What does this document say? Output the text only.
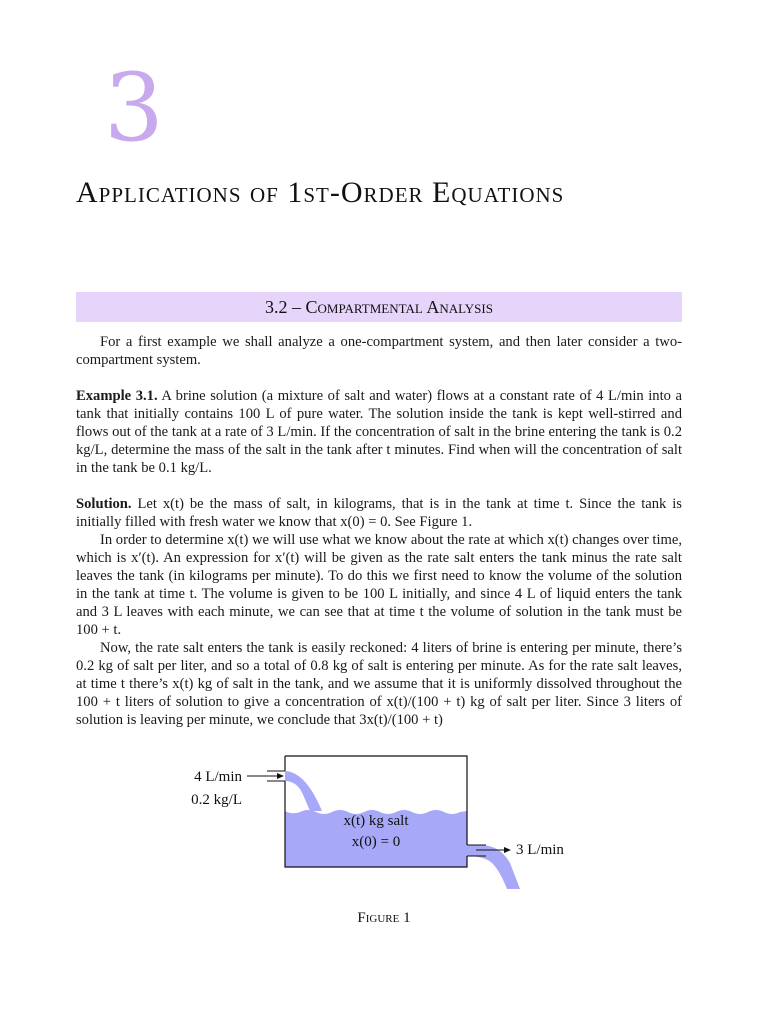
3
Applications of 1st-Order Equations
3.2 – Compartmental Analysis

For a first example we shall analyze a one-compartment system, and then later consider a two-compartment system.

Example 3.1. A brine solution (a mixture of salt and water) flows at a constant rate of 4 L/min into a tank that initially contains 100 L of pure water. The solution inside the tank is kept well-stirred and flows out of the tank at a rate of 3 L/min. If the concentration of salt in the brine entering the tank is 0.2 kg/L, determine the mass of the salt in the tank after t minutes. Find when will the concentration of salt in the tank be 0.1 kg/L.

Solution. Let x(t) be the mass of salt, in kilograms, that is in the tank at time t. Since the tank is initially filled with fresh water we know that x(0) = 0. See Figure 1.

In order to determine x(t) we will use what we know about the rate at which x(t) changes over time, which is x′(t). An expression for x′(t) will be given as the rate salt enters the tank minus the rate salt leaves the tank (in kilograms per minute). To do this we first need to know the volume of the solution in the tank at time t. The volume is given to be 100 L initially, and since 4 L of liquid enters the tank and 3 L leaves with each minute, we can see that at time t the volume of solution in the tank must be 100 + t.

Now, the rate salt enters the tank is easily reckoned: 4 liters of brine is entering per minute, there’s 0.2 kg of salt per liter, and so a total of 0.8 kg of salt is entering per minute. As for the rate salt leaves, at time t there’s x(t) kg of salt in the tank, and we assume that it is uniformly dissolved throughout the 100 + t liters of solution to give a concentration of x(t)/(100 + t) kg of salt per liter. Since 3 liters of solution is leaving per minute, we conclude that 3x(t)/(100 + t)

4 L/min
0.2 kg/L
x(t) kg salt
x(0) = 0	3 L/min
Figure 1
